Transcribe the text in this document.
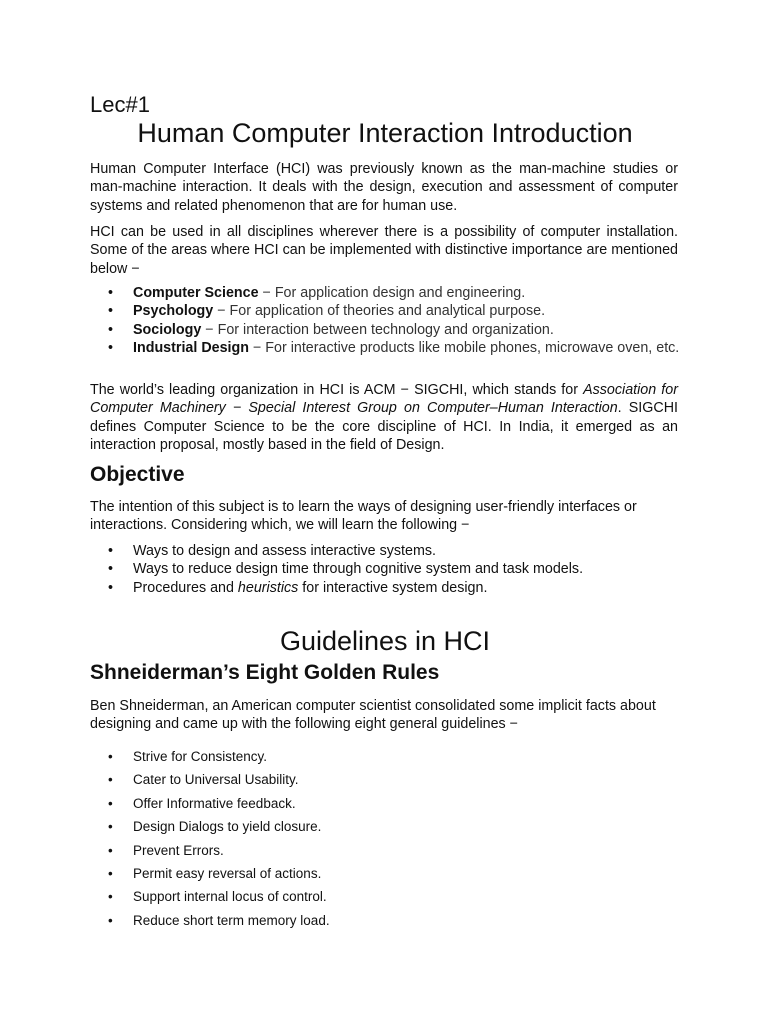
Lec#1
Human Computer Interaction Introduction

Human Computer Interface (HCI) was previously known as the man-machine studies or man-machine interaction. It deals with the design, execution and assessment of computer systems and related phenomenon that are for human use.

HCI can be used in all disciplines wherever there is a possibility of computer installation. Some of the areas where HCI can be implemented with distinctive importance are mentioned below −

• Computer Science − For application design and engineering.
• Psychology − For application of theories and analytical purpose.
• Sociology − For interaction between technology and organization.
• Industrial Design − For interactive products like mobile phones, microwave oven, etc.

The world’s leading organization in HCI is ACM − SIGCHI, which stands for Association for Computer Machinery − Special Interest Group on Computer–Human Interaction. SIGCHI defines Computer Science to be the core discipline of HCI. In India, it emerged as an interaction proposal, mostly based in the field of Design.

Objective

The intention of this subject is to learn the ways of designing user-friendly interfaces or interactions. Considering which, we will learn the following −

• Ways to design and assess interactive systems.
• Ways to reduce design time through cognitive system and task models.
• Procedures and heuristics for interactive system design.
Guidelines in HCI
Shneiderman’s Eight Golden Rules

Ben Shneiderman, an American computer scientist consolidated some implicit facts about designing and came up with the following eight general guidelines −

• Strive for Consistency.
• Cater to Universal Usability.
• Offer Informative feedback.
• Design Dialogs to yield closure.
• Prevent Errors.
• Permit easy reversal of actions.
• Support internal locus of control.
• Reduce short term memory load.
